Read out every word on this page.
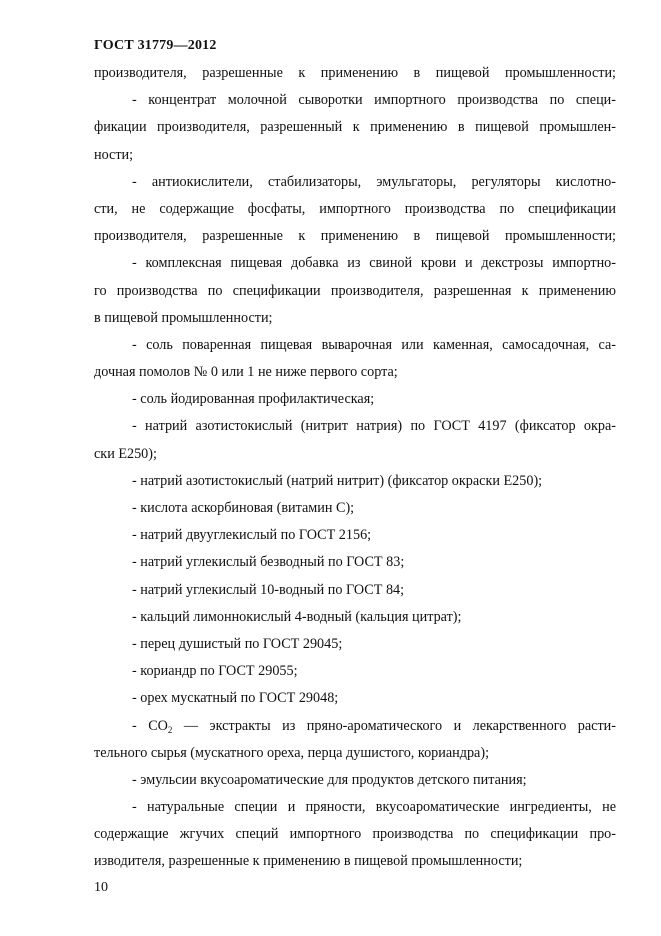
ГОСТ 31779—2012
производителя, разрешенные к применению в пищевой промышленности;
- концентрат молочной сыворотки импортного производства по специ-
фикации производителя, разрешенный к применению в пищевой промышлен-
ности;
- антиокислители, стабилизаторы, эмульгаторы, регуляторы кислотно-
сти, не содержащие фосфаты, импортного производства по спецификации
производителя, разрешенные к применению в пищевой промышленности;
- комплексная пищевая добавка из свиной крови и декстрозы импортно-
го производства по спецификации производителя, разрешенная к применению
в пищевой промышленности;
- соль поваренная пищевая выварочная или каменная, самосадочная, са-
дочная помолов № 0 или 1 не ниже первого сорта;
- соль йодированная профилактическая;
- натрий азотистокислый (нитрит натрия) по ГОСТ 4197 (фиксатор окра-
ски Е250);
- натрий азотистокислый (натрий нитрит) (фиксатор окраски Е250);
- кислота аскорбиновая (витамин С);
- натрий двууглекислый по ГОСТ 2156;
- натрий углекислый безводный по ГОСТ 83;
- натрий углекислый 10-водный по ГОСТ 84;
- кальций лимоннокислый 4-водный (кальция цитрат);
- перец душистый по ГОСТ 29045;
- кориандр по ГОСТ 29055;
- орех мускатный по ГОСТ 29048;
- $СО_2$ — экстракты из пряно-ароматического и лекарственного расти-
тельного сырья (мускатного ореха, перца душистого, кориандра);
- эмульсии вкусоароматические для продуктов детского питания;
- натуральные специи и пряности, вкусоароматические ингредиенты, не
содержащие жгучих специй импортного производства по спецификации про-
изводителя, разрешенные к применению в пищевой промышленности;
10
